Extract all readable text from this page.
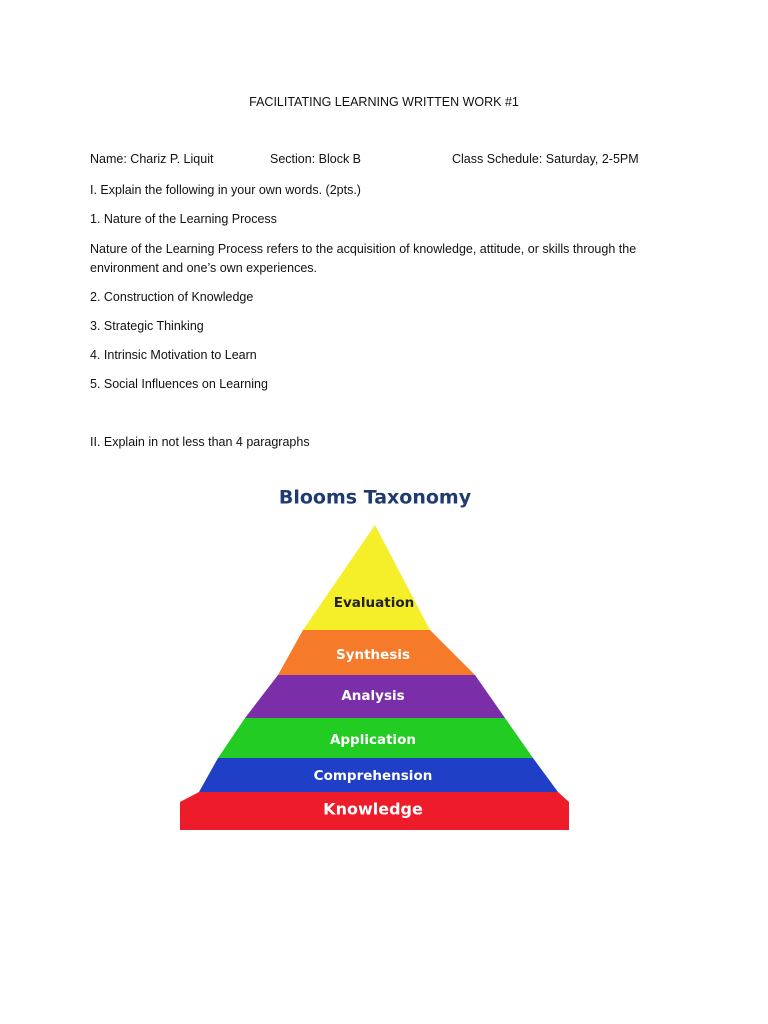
FACILITATING LEARNING WRITTEN WORK #1
Name: Chariz P. Liquit	Section: Block B	Class Schedule: Saturday, 2-5PM
I. Explain the following in your own words. (2pts.)
1. Nature of the Learning Process
Nature of the Learning Process refers to the acquisition of knowledge, attitude, or skills through the environment and one’s own experiences.
2. Construction of Knowledge
3. Strategic Thinking
4. Intrinsic Motivation to Learn
5. Social Influences on Learning
II. Explain in not less than 4 paragraphs
Blooms Taxonomy
Evaluation
Synthesis
Analysis
Application
Comprehension
Knowledge
